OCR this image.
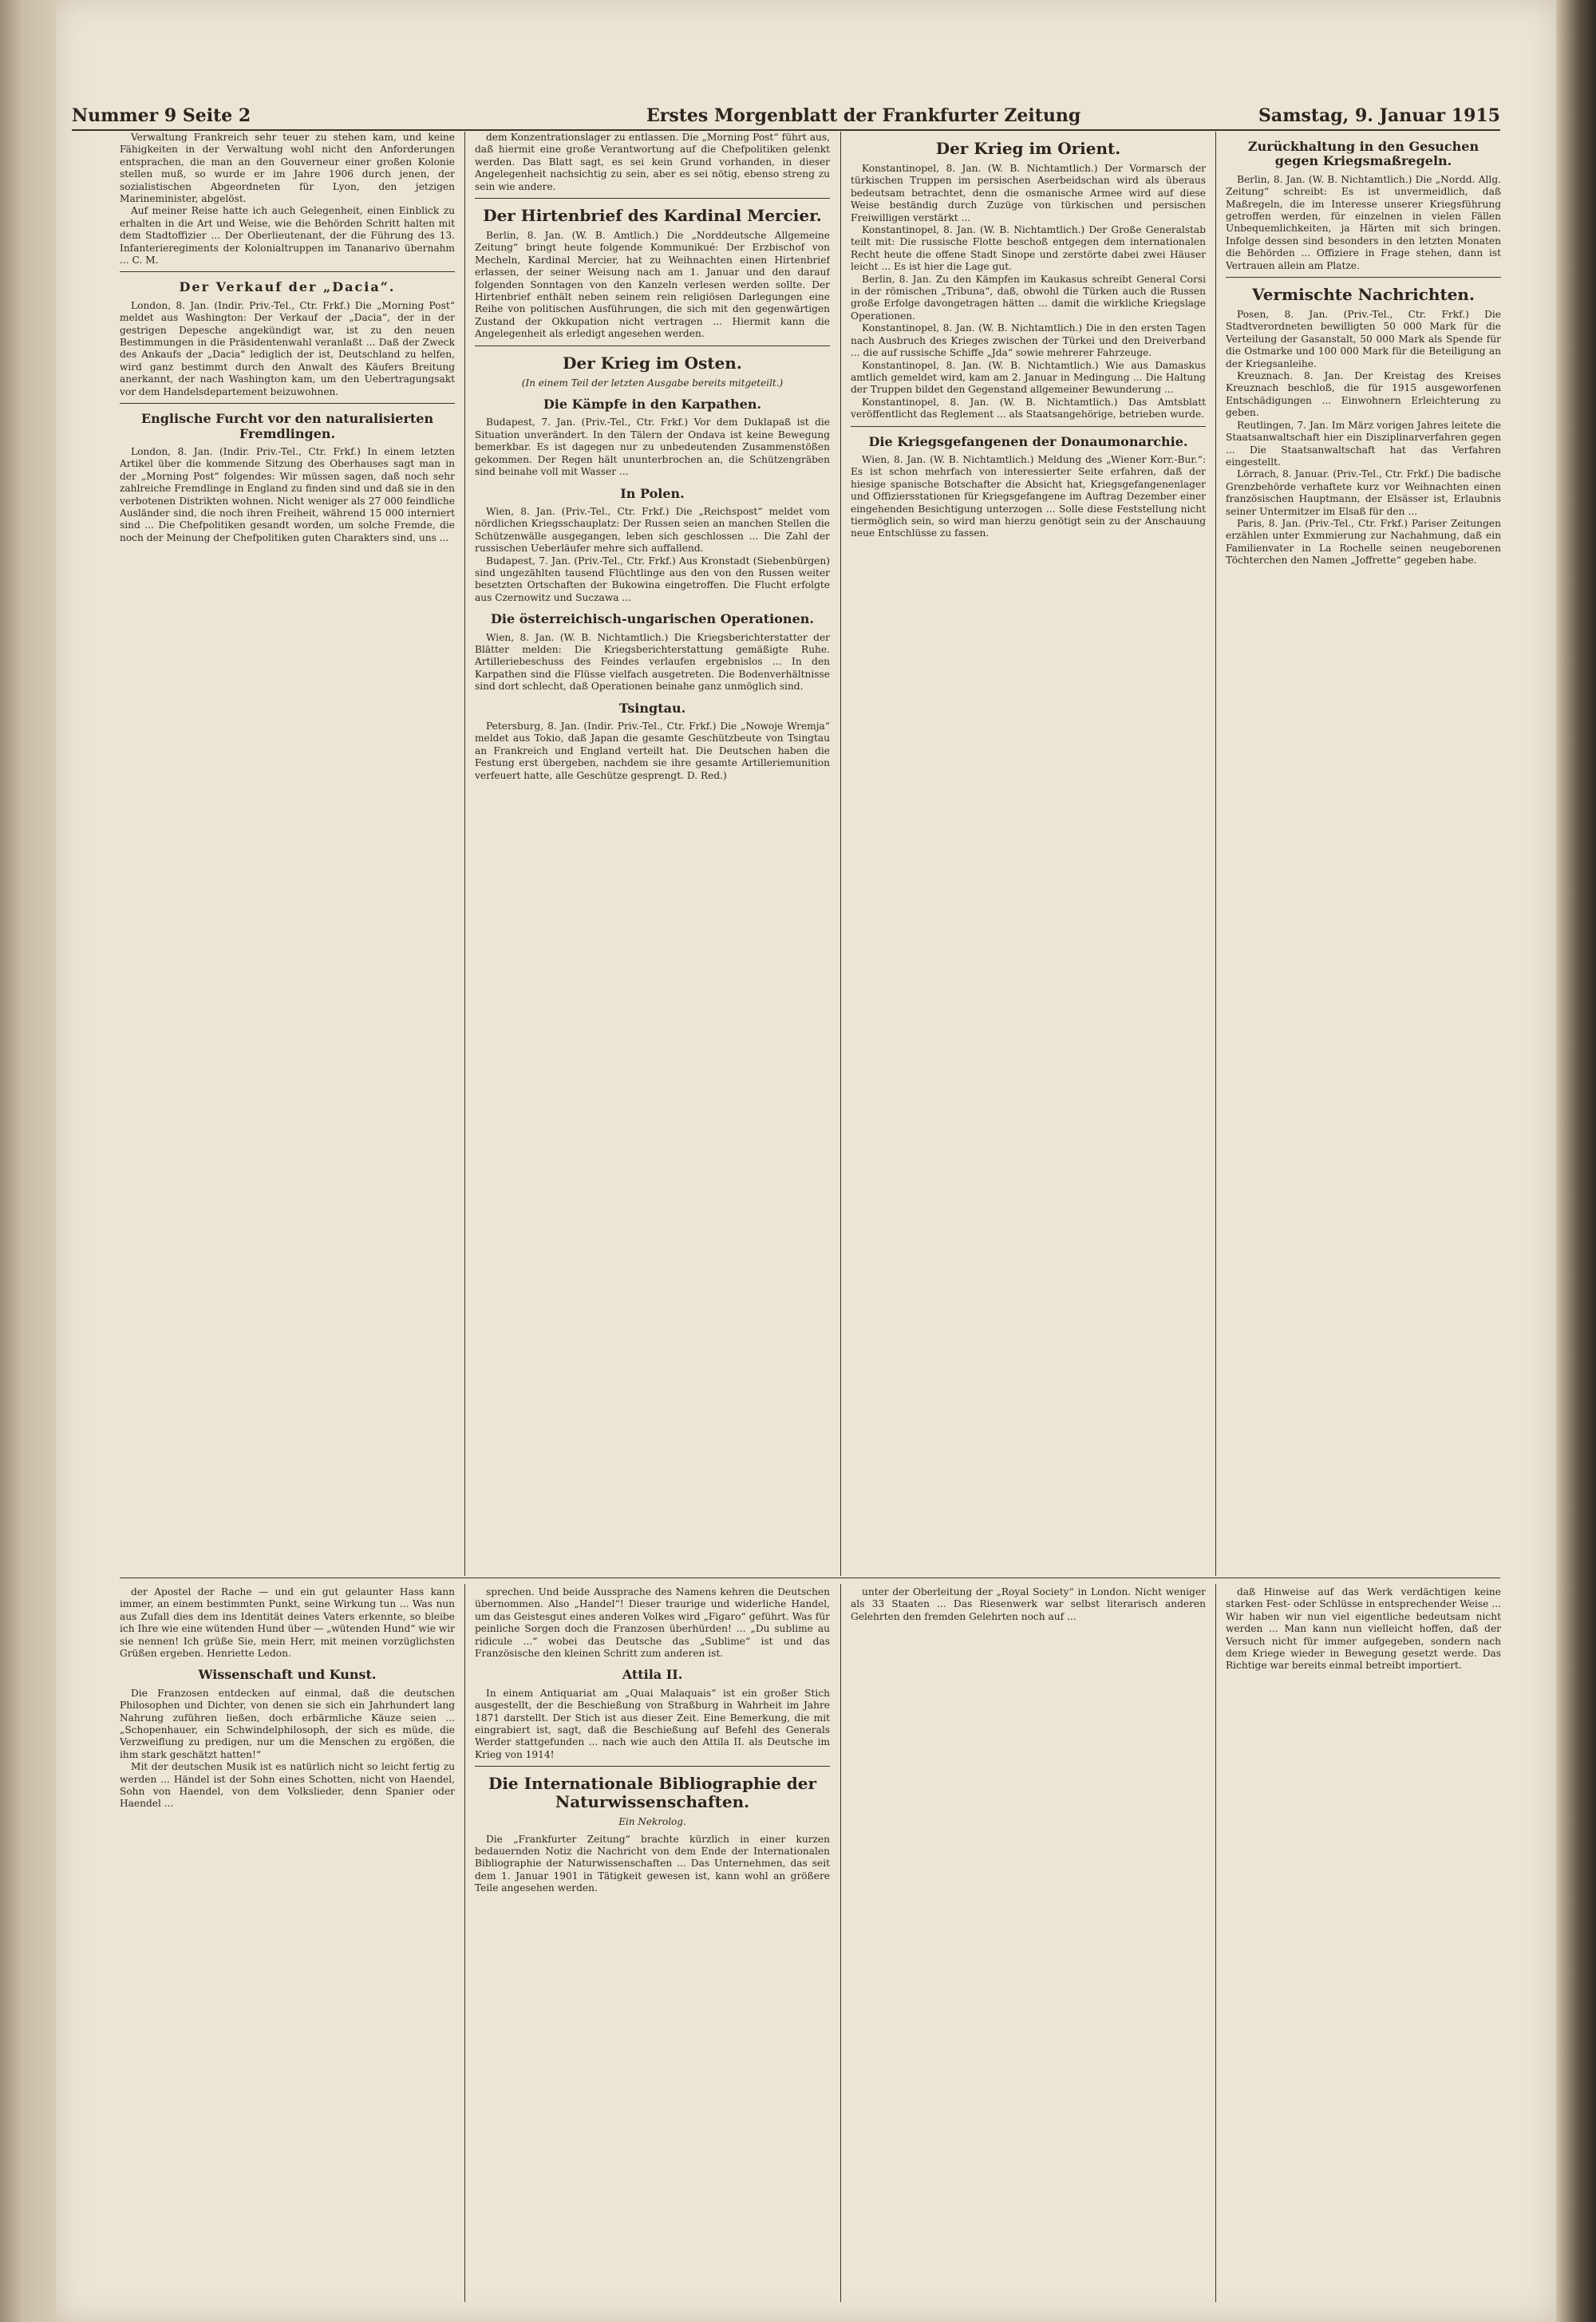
Nummer 9 Seite 2	Erstes Morgenblatt der Frankfurter Zeitung	Samstag, 9. Januar 1915

Verwaltung Frankreich sehr teuer zu stehen kam, und keine Fähigkeiten in der Verwaltung wohl nicht den Anforderungen entsprachen, die man an den Gouverneur einer großen Kolonie stellen muß, so wurde er im Jahre 1906 durch jenen, der sozialistischen Abgeordneten für Lyon, den jetzigen Marineminister, abgelöst.

Auf meiner Reise hatte ich auch Gelegenheit, einen Einblick zu erhalten in die Art und Weise, wie die Behörden Schritt halten mit dem Stadtoffizier ... Der Oberlieutenant, der die Führung des 13. Infanterieregiments der Kolonialtruppen im Tananarivo übernahm ... C. M.

Der Verkauf der „Dacia“.

London, 8. Jan. (Indir. Priv.-Tel., Ctr. Frkf.) Die „Morning Post“ meldet aus Washington: Der Verkauf der „Dacia“, der in der gestrigen Depesche angekündigt war, ist zu den neuen Bestimmungen in die Präsidentenwahl veranlaßt ... Daß der Zweck des Ankaufs der „Dacia“ lediglich der ist, Deutschland zu helfen, wird ganz bestimmt durch den Anwalt des Käufers Breitung anerkannt, der nach Washington kam, um den Uebertragungsakt vor dem Handelsdepartement beizuwohnen.

Englische Furcht vor den naturalisierten Fremdlingen.

London, 8. Jan. (Indir. Priv.-Tel., Ctr. Frkf.) In einem letzten Artikel über die kommende Sitzung des Oberhauses sagt man in der „Morning Post“ folgendes: Wir müssen sagen, daß noch sehr zahlreiche Fremdlinge in England zu finden sind und daß sie in den verbotenen Distrikten wohnen. Nicht weniger als 27 000 feindliche Ausländer sind, die noch ihren Freiheit, während 15 000 interniert sind ... Die Chefpolitiken gesandt worden, um solche Fremde, die noch der Meinung der Chefpolitiken guten Charakters sind, uns ...

dem Konzentrationslager zu entlassen. Die „Morning Post“ führt aus, daß hiermit eine große Verantwortung auf die Chefpolitiken gelenkt werden. Das Blatt sagt, es sei kein Grund vorhanden, in dieser Angelegenheit nachsichtig zu sein, aber es sei nötig, ebenso streng zu sein wie andere.

Der Hirtenbrief des Kardinal Mercier.

Berlin, 8. Jan. (W. B. Amtlich.) Die „Norddeutsche Allgemeine Zeitung“ bringt heute folgende Kommunikué: Der Erzbischof von Mecheln, Kardinal Mercier, hat zu Weihnachten einen Hirtenbrief erlassen, der seiner Weisung nach am 1. Januar und den darauf folgenden Sonntagen von den Kanzeln verlesen werden sollte. Der Hirtenbrief enthält neben seinem rein religiösen Darlegungen eine Reihe von politischen Ausführungen, die sich mit den gegenwärtigen Zustand der Okkupation nicht vertragen ... Hiermit kann die Angelegenheit als erledigt angesehen werden.

Der Krieg im Osten.
(In einem Teil der letzten Ausgabe bereits mitgeteilt.)
Die Kämpfe in den Karpathen.

Budapest, 7. Jan. (Priv.-Tel., Ctr. Frkf.) Vor dem Duklapaß ist die Situation unverändert. In den Tälern der Ondava ist keine Bewegung bemerkbar. Es ist dagegen nur zu unbedeutenden Zusammenstößen gekommen. Der Regen hält ununterbrochen an, die Schützengräben sind beinahe voll mit Wasser ...

In Polen.

Wien, 8. Jan. (Priv.-Tel., Ctr. Frkf.) Die „Reichspost“ meldet vom nördlichen Kriegsschauplatz: Der Russen seien an manchen Stellen die Schützenwälle ausgegangen, leben sich geschlossen ... Die Zahl der russischen Ueberläufer mehre sich auffallend.

Budapest, 7. Jan. (Priv.-Tel., Ctr. Frkf.) Aus Kronstadt (Siebenbürgen) sind ungezählten tausend Flüchtlinge aus den von den Russen weiter besetzten Ortschaften der Bukowina eingetroffen. Die Flucht erfolgte aus Czernowitz und Suczawa ...

Die österreichisch-ungarischen Operationen.

Wien, 8. Jan. (W. B. Nichtamtlich.) Die Kriegsberichterstatter der Blätter melden: Die Kriegsberichterstattung gemäßigte Ruhe. Artilleriebeschuss des Feindes verlaufen ergebnislos ... In den Karpathen sind die Flüsse vielfach ausgetreten. Die Bodenverhältnisse sind dort schlecht, daß Operationen beinahe ganz unmöglich sind.

Tsingtau.

Petersburg, 8. Jan. (Indir. Priv.-Tel., Ctr. Frkf.) Die „Nowoje Wremja“ meldet aus Tokio, daß Japan die gesamte Geschützbeute von Tsingtau an Frankreich und England verteilt hat. Die Deutschen haben die Festung erst übergeben, nachdem sie ihre gesamte Artilleriemunition verfeuert hatte, alle Geschütze gesprengt. D. Red.)

Der Krieg im Orient.

Konstantinopel, 8. Jan. (W. B. Nichtamtlich.) Der Vormarsch der türkischen Truppen im persischen Aserbeidschan wird als überaus bedeutsam betrachtet, denn die osmanische Armee wird auf diese Weise beständig durch Zuzüge von türkischen und persischen Freiwilligen verstärkt ...

Konstantinopel, 8. Jan. (W. B. Nichtamtlich.) Der Große Generalstab teilt mit: Die russische Flotte beschoß entgegen dem internationalen Recht heute die offene Stadt Sinope und zerstörte dabei zwei Häuser leicht ... Es ist hier die Lage gut.

Berlin, 8. Jan. Zu den Kämpfen im Kaukasus schreibt General Corsi in der römischen „Tribuna“, daß, obwohl die Türken auch die Russen große Erfolge davongetragen hätten ... damit die wirkliche Kriegslage Operationen.

Konstantinopel, 8. Jan. (W. B. Nichtamtlich.) Die in den ersten Tagen nach Ausbruch des Krieges zwischen der Türkei und den Dreiverband ... die auf russische Schiffe „Jda“ sowie mehrerer Fahrzeuge.

Konstantinopel, 8. Jan. (W. B. Nichtamtlich.) Wie aus Damaskus amtlich gemeldet wird, kam am 2. Januar in Medingung ... Die Haltung der Truppen bildet den Gegenstand allgemeiner Bewunderung ...

Konstantinopel, 8. Jan. (W. B. Nichtamtlich.) Das Amtsblatt veröffentlicht das Reglement ... als Staatsangehörige, betrieben wurde.

Die Kriegsgefangenen der Donaumonarchie.

Wien, 8. Jan. (W. B. Nichtamtlich.) Meldung des „Wiener Korr.-Bur.“: Es ist schon mehrfach von interessierter Seite erfahren, daß der hiesige spanische Botschafter die Absicht hat, Kriegsgefangenenlager und Offiziersstationen für Kriegsgefangene im Auftrag Dezember einer eingehenden Besichtigung unterzogen ... Solle diese Feststellung nicht tiermöglich sein, so wird man hierzu genötigt sein zu der Anschauung neue Entschlüsse zu fassen.

Zurückhaltung in den Gesuchen gegen Kriegsmaßregeln.

Berlin, 8. Jan. (W. B. Nichtamtlich.) Die „Nordd. Allg. Zeitung“ schreibt: Es ist unvermeidlich, daß Maßregeln, die im Interesse unserer Kriegsführung getroffen werden, für einzelnen in vielen Fällen Unbequemlichkeiten, ja Härten mit sich bringen. Infolge dessen sind besonders in den letzten Monaten die Behörden ... Offiziere in Frage stehen, dann ist Vertrauen allein am Platze.

Vermischte Nachrichten.

Posen, 8. Jan. (Priv.-Tel., Ctr. Frkf.) Die Stadtverordneten bewilligten 50 000 Mark für die Verteilung der Gasanstalt, 50 000 Mark als Spende für die Ostmarke und 100 000 Mark für die Beteiligung an der Kriegsanleihe.

Kreuznach. 8. Jan. Der Kreistag des Kreises Kreuznach beschloß, die für 1915 ausgeworfenen Entschädigungen ... Einwohnern Erleichterung zu geben.

Reutlingen, 7. Jan. Im März vorigen Jahres leitete die Staatsanwaltschaft hier ein Disziplinarverfahren gegen ... Die Staatsanwaltschaft hat das Verfahren eingestellt.

Lörrach, 8. Januar. (Priv.-Tel., Ctr. Frkf.) Die badische Grenzbehörde verhaftete kurz vor Weihnachten einen französischen Hauptmann, der Elsässer ist, Erlaubnis seiner Untermitzer im Elsaß für den ...

Paris, 8. Jan. (Priv.-Tel., Ctr. Frkf.) Pariser Zeitungen erzählen unter Exmmierung zur Nachahmung, daß ein Familienvater in La Rochelle seinen neugeborenen Töchterchen den Namen „Joffrette“ gegeben habe.

der Apostel der Rache — und ein gut gelaunter Hass kann immer, an einem bestimmten Punkt, seine Wirkung tun ... Was nun aus Zufall dies dem ins Identität deines Vaters erkennte, so bleibe ich Ihre wie eine wütenden Hund über — „wütenden Hund“ wie wir sie nennen! Ich grüße Sie, mein Herr, mit meinen vorzüglichsten Grüßen ergeben. Henriette Ledon.

Wissenschaft und Kunst.

Die Franzosen entdecken auf einmal, daß die deutschen Philosophen und Dichter, von denen sie sich ein Jahrhundert lang Nahrung zuführen ließen, doch erbärmliche Käuze seien ... „Schopenhauer, ein Schwindelphilosoph, der sich es müde, die Verzweiflung zu predigen, nur um die Menschen zu ergößen, die ihm stark geschätzt hatten!“

Mit der deutschen Musik ist es natürlich nicht so leicht fertig zu werden ... Händel ist der Sohn eines Schotten, nicht von Haendel, Sohn von Haendel, von dem Volkslieder, denn Spanier oder Haendel ...

sprechen. Und beide Aussprache des Namens kehren die Deutschen übernommen. Also „Handel“! Dieser traurige und widerliche Handel, um das Geistesgut eines anderen Volkes wird „Figaro“ geführt. Was für peinliche Sorgen doch die Franzosen überhürden! ... „Du sublime au ridicule ...“ wobei das Deutsche das „Sublime“ ist und das Französische den kleinen Schritt zum anderen ist.

Attila II.

In einem Antiquariat am „Quai Malaquais“ ist ein großer Stich ausgestellt, der die Beschießung von Straßburg in Wahrheit im Jahre 1871 darstellt. Der Stich ist aus dieser Zeit. Eine Bemerkung, die mit eingrabiert ist, sagt, daß die Beschießung auf Befehl des Generals Werder stattgefunden ... nach wie auch den Attila II. als Deutsche im Krieg von 1914!

Die Internationale Bibliographie der Naturwissenschaften.
Ein Nekrolog.

Die „Frankfurter Zeitung“ brachte kürzlich in einer kurzen bedauernden Notiz die Nachricht von dem Ende der Internationalen Bibliographie der Naturwissenschaften ... Das Unternehmen, das seit dem 1. Januar 1901 in Tätigkeit gewesen ist, kann wohl an größere Teile angesehen werden.

unter der Oberleitung der „Royal Society“ in London. Nicht weniger als 33 Staaten ... Das Riesenwerk war selbst literarisch anderen Gelehrten den fremden Gelehrten noch auf ...

daß Hinweise auf das Werk verdächtigen keine starken Fest- oder Schlüsse in entsprechender Weise ... Wir haben wir nun viel eigentliche bedeutsam nicht werden ... Man kann nun vielleicht hoffen, daß der Versuch nicht für immer aufgegeben, sondern nach dem Kriege wieder in Bewegung gesetzt werde. Das Richtige war bereits einmal betreibt importiert.
